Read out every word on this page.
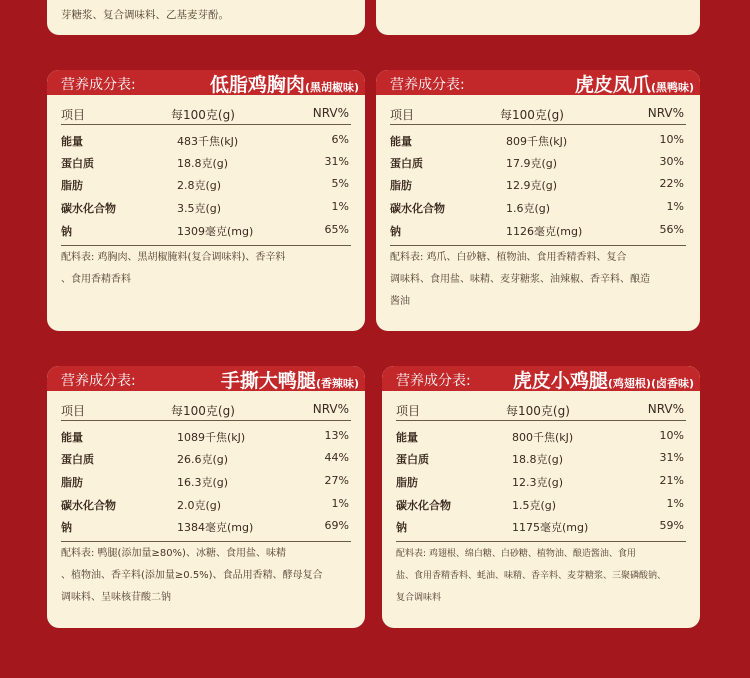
芽糖浆、复合调味料、乙基麦芽酚。
营养成分表:	低脂鸡胸肉(黑胡椒味)
项目	每100克(g)	NRV%
能量	483千焦(kJ)	6%
蛋白质	18.8克(g)	31%
脂肪	2.8克(g)	5%
碳水化合物	3.5克(g)	1%
钠	1309毫克(mg)	65%
配料表: 鸡胸肉、黑胡椒腌料(复合调味料)、香辛料
、食用香精香料
营养成分表:	虎皮凤爪(黑鸭味)
项目	每100克(g)	NRV%
能量	809千焦(kJ)	10%
蛋白质	17.9克(g)	30%
脂肪	12.9克(g)	22%
碳水化合物	1.6克(g)	1%
钠	1126毫克(mg)	56%
配料表: 鸡爪、白砂糖、植物油、食用香精香料、复合
调味料、食用盐、味精、麦芽糖浆、油辣椒、香辛料、酿造
酱油
营养成分表:	手撕大鸭腿(香辣味)
项目	每100克(g)	NRV%
能量	1089千焦(kJ)	13%
蛋白质	26.6克(g)	44%
脂肪	16.3克(g)	27%
碳水化合物	2.0克(g)	1%
钠	1384毫克(mg)	69%
配料表: 鸭腿(添加量≥80%)、冰糖、食用盐、味精
、植物油、香辛料(添加量≥0.5%)、食品用香精、酵母复合
调味料、呈味核苷酸二钠
营养成分表: 虎皮小鸡腿(鸡翅根)(卤香味)
项目	每100克(g)	NRV%
能量	800千焦(kJ)	10%
蛋白质	18.8克(g)	31%
脂肪	12.3克(g)	21%
碳水化合物	1.5克(g)	1%
钠	1175毫克(mg)	59%
配料表: 鸡翅根、绵白糖、白砂糖、植物油、酿造酱油、食用
盐、食用香精香料、蚝油、味精、香辛料、麦芽糖浆、三聚磷酸钠、
复合调味料
